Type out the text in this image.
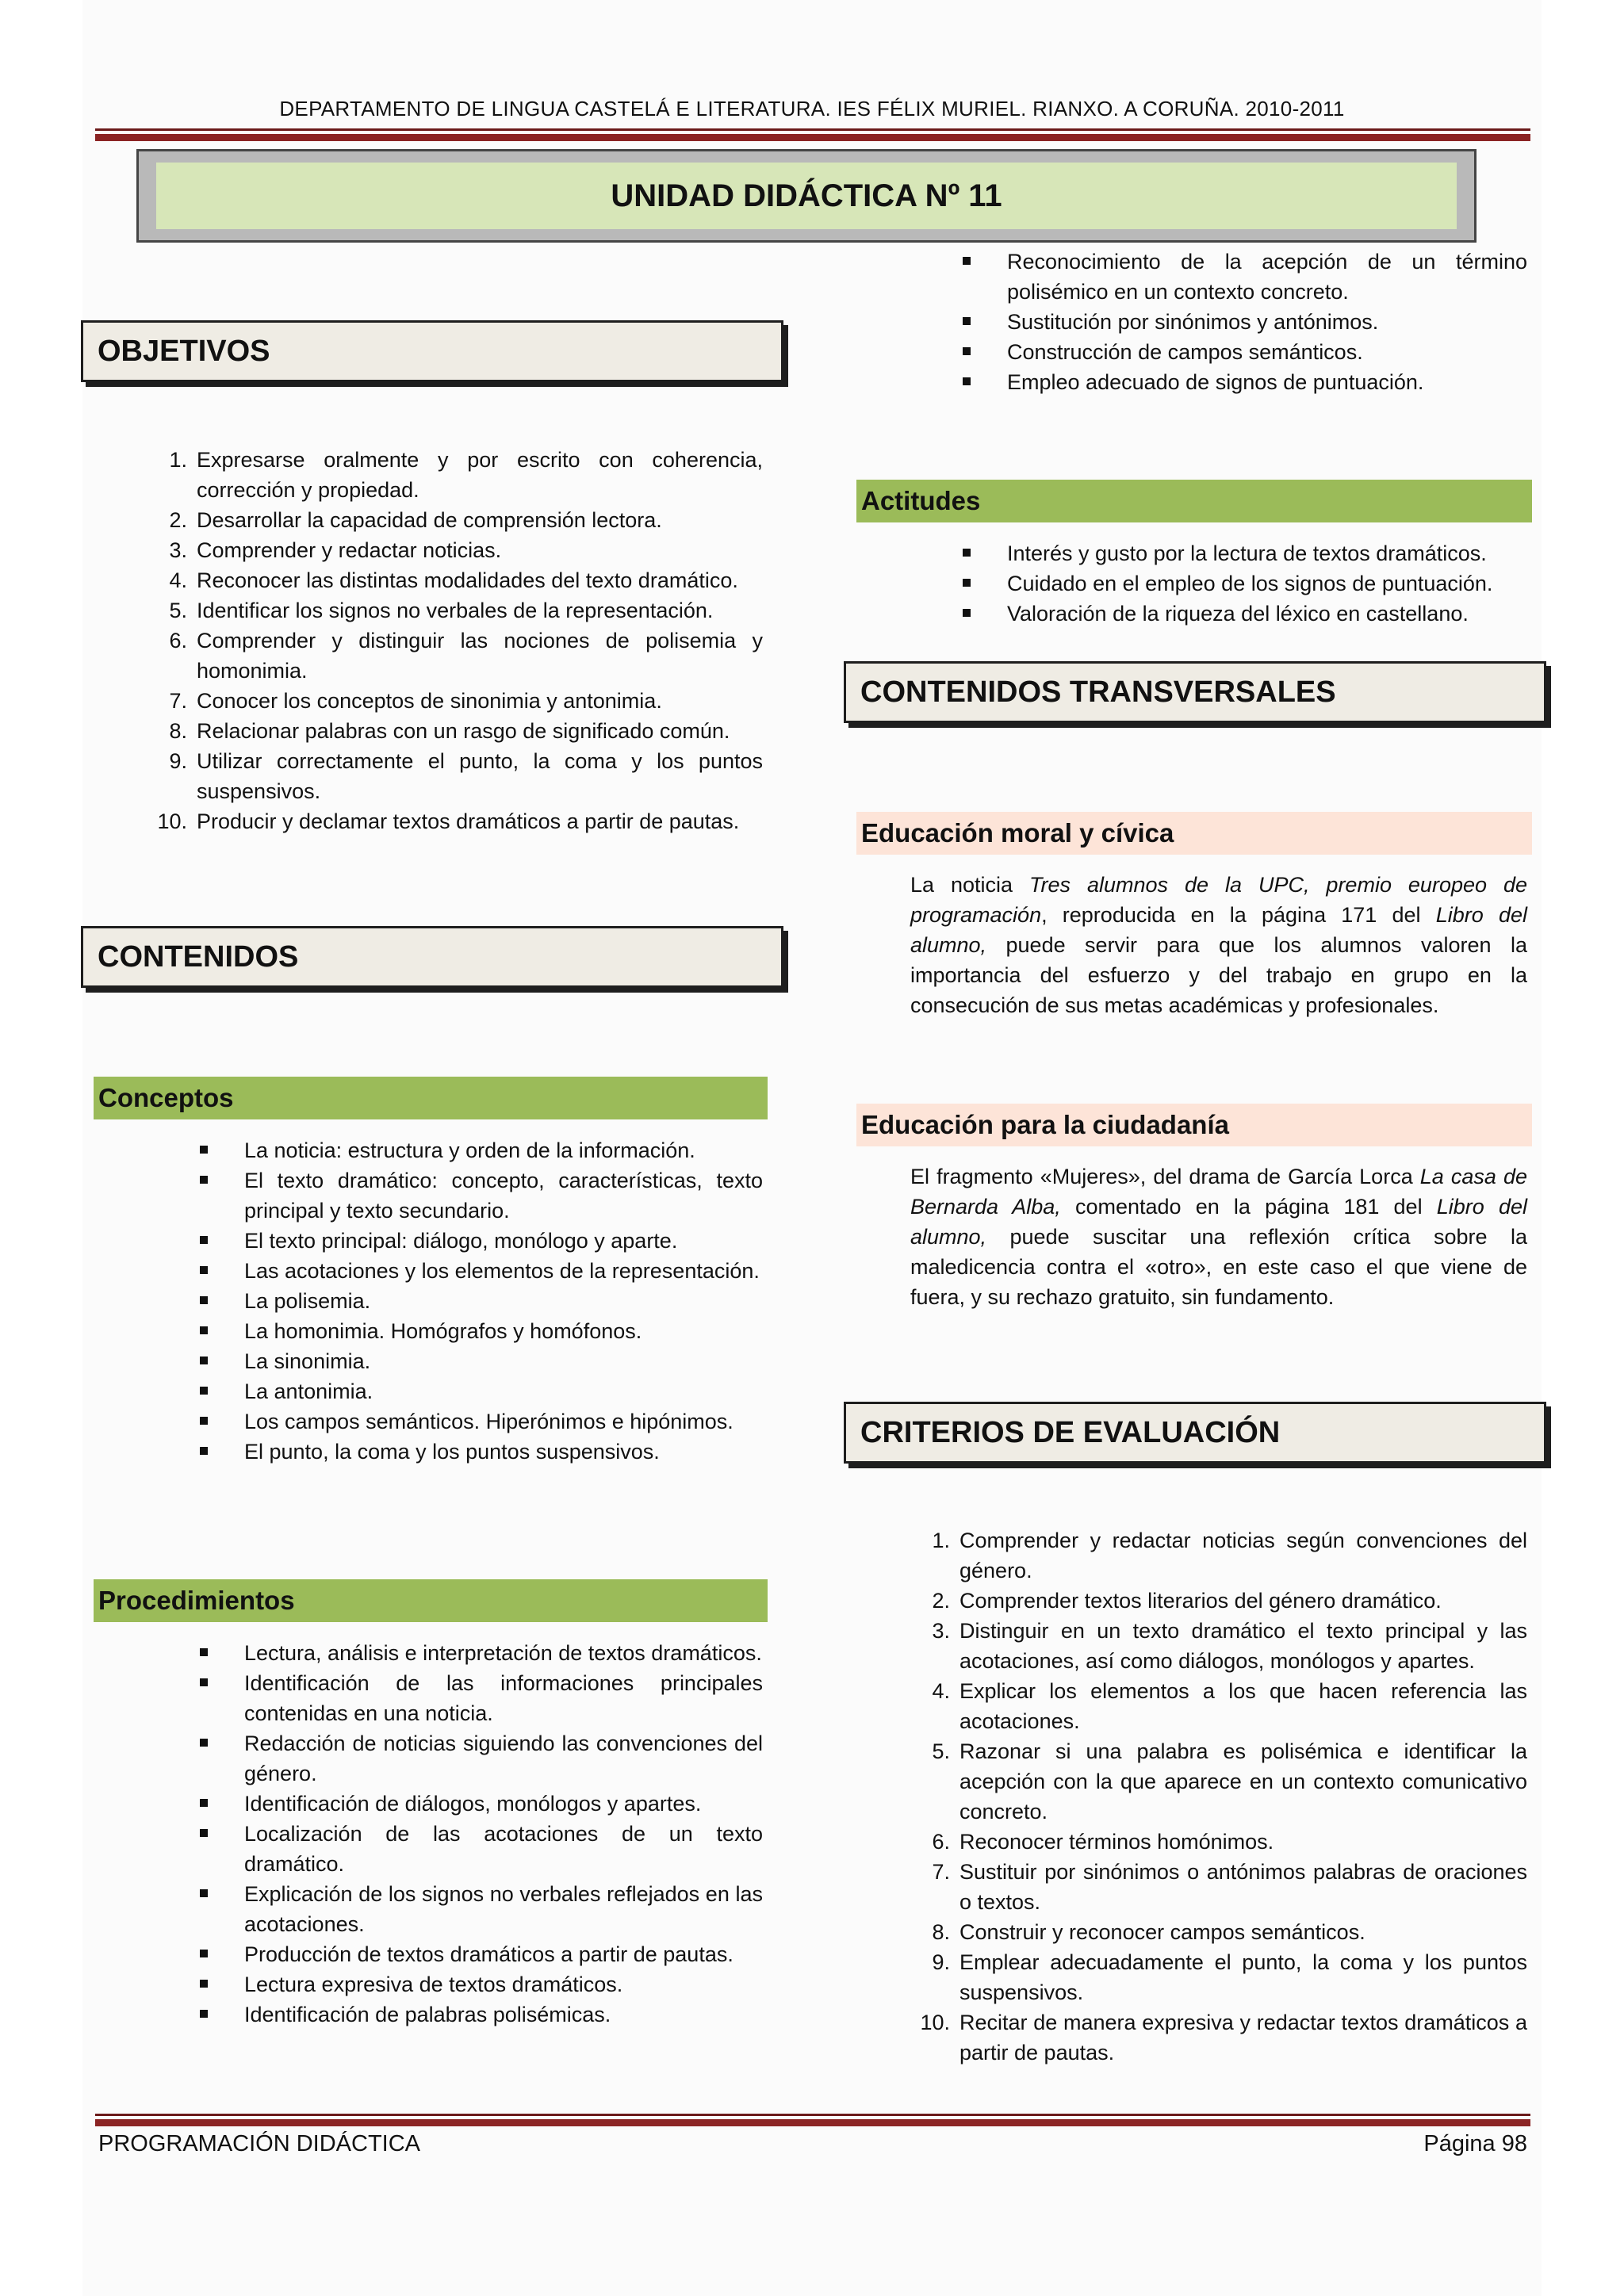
DEPARTAMENTO DE LINGUA CASTELÁ E LITERATURA. IES FÉLIX MURIEL. RIANXO. A CORUÑA. 2010-2011
UNIDAD DIDÁCTICA Nº 11
OBJETIVOS
1. Expresarse oralmente y por escrito con coherencia, corrección y propiedad.
2. Desarrollar la capacidad de comprensión lectora.
3. Comprender y redactar noticias.
4. Reconocer las distintas modalidades del texto dramático.
5. Identificar los signos no verbales de la representación.
6. Comprender y distinguir las nociones de polisemia y homonimia.
7. Conocer los conceptos de sinonimia y antonimia.
8. Relacionar palabras con un rasgo de significado común.
9. Utilizar correctamente el punto, la coma y los puntos suspensivos.
10. Producir y declamar textos dramáticos a partir de pautas.
CONTENIDOS
Conceptos
La noticia: estructura y orden de la información.
El texto dramático: concepto, características, texto principal y texto secundario.
El texto principal: diálogo, monólogo y aparte.
Las acotaciones y los elementos de la representación.
La polisemia.
La homonimia. Homógrafos y homófonos.
La sinonimia.
La antonimia.
Los campos semánticos. Hiperónimos e hipónimos.
El punto, la coma y los puntos suspensivos.
Procedimientos
Lectura, análisis e interpretación de textos dramáticos.
Identificación de las informaciones principales contenidas en una noticia.
Redacción de noticias siguiendo las convenciones del género.
Identificación de diálogos, monólogos y apartes.
Localización de las acotaciones de un texto dramático.
Explicación de los signos no verbales reflejados en las acotaciones.
Producción de textos dramáticos a partir de pautas.
Lectura expresiva de textos dramáticos.
Identificación de palabras polisémicas.
Reconocimiento de la acepción de un término polisémico en un contexto concreto.
Sustitución por sinónimos y antónimos.
Construcción de campos semánticos.
Empleo adecuado de signos de puntuación.
Actitudes
Interés y gusto por la lectura de textos dramáticos.
Cuidado en el empleo de los signos de puntuación.
Valoración de la riqueza del léxico en castellano.
CONTENIDOS TRANSVERSALES
Educación moral y cívica
La noticia Tres alumnos de la UPC, premio europeo de programación, reproducida en la página 171 del Libro del alumno, puede servir para que los alumnos valoren la importancia del esfuerzo y del trabajo en grupo en la consecución de sus metas académicas y profesionales.
Educación para la ciudadanía
El fragmento «Mujeres», del drama de García Lorca La casa de Bernarda Alba, comentado en la página 181 del Libro del alumno, puede suscitar una reflexión crítica sobre la maledicencia contra el «otro», en este caso el que viene de fuera, y su rechazo gratuito, sin fundamento.
CRITERIOS DE EVALUACIÓN
1. Comprender y redactar noticias según convenciones del género.
2. Comprender textos literarios del género dramático.
3. Distinguir en un texto dramático el texto principal y las acotaciones, así como diálogos, monólogos y apartes.
4. Explicar los elementos a los que hacen referencia las acotaciones.
5. Razonar si una palabra es polisémica e identificar la acepción con la que aparece en un contexto comunicativo concreto.
6. Reconocer términos homónimos.
7. Sustituir por sinónimos o antónimos palabras de oraciones o textos.
8. Construir y reconocer campos semánticos.
9. Emplear adecuadamente el punto, la coma y los puntos suspensivos.
10. Recitar de manera expresiva y redactar textos dramáticos a partir de pautas.
PROGRAMACIÓN DIDÁCTICA	Página 98
